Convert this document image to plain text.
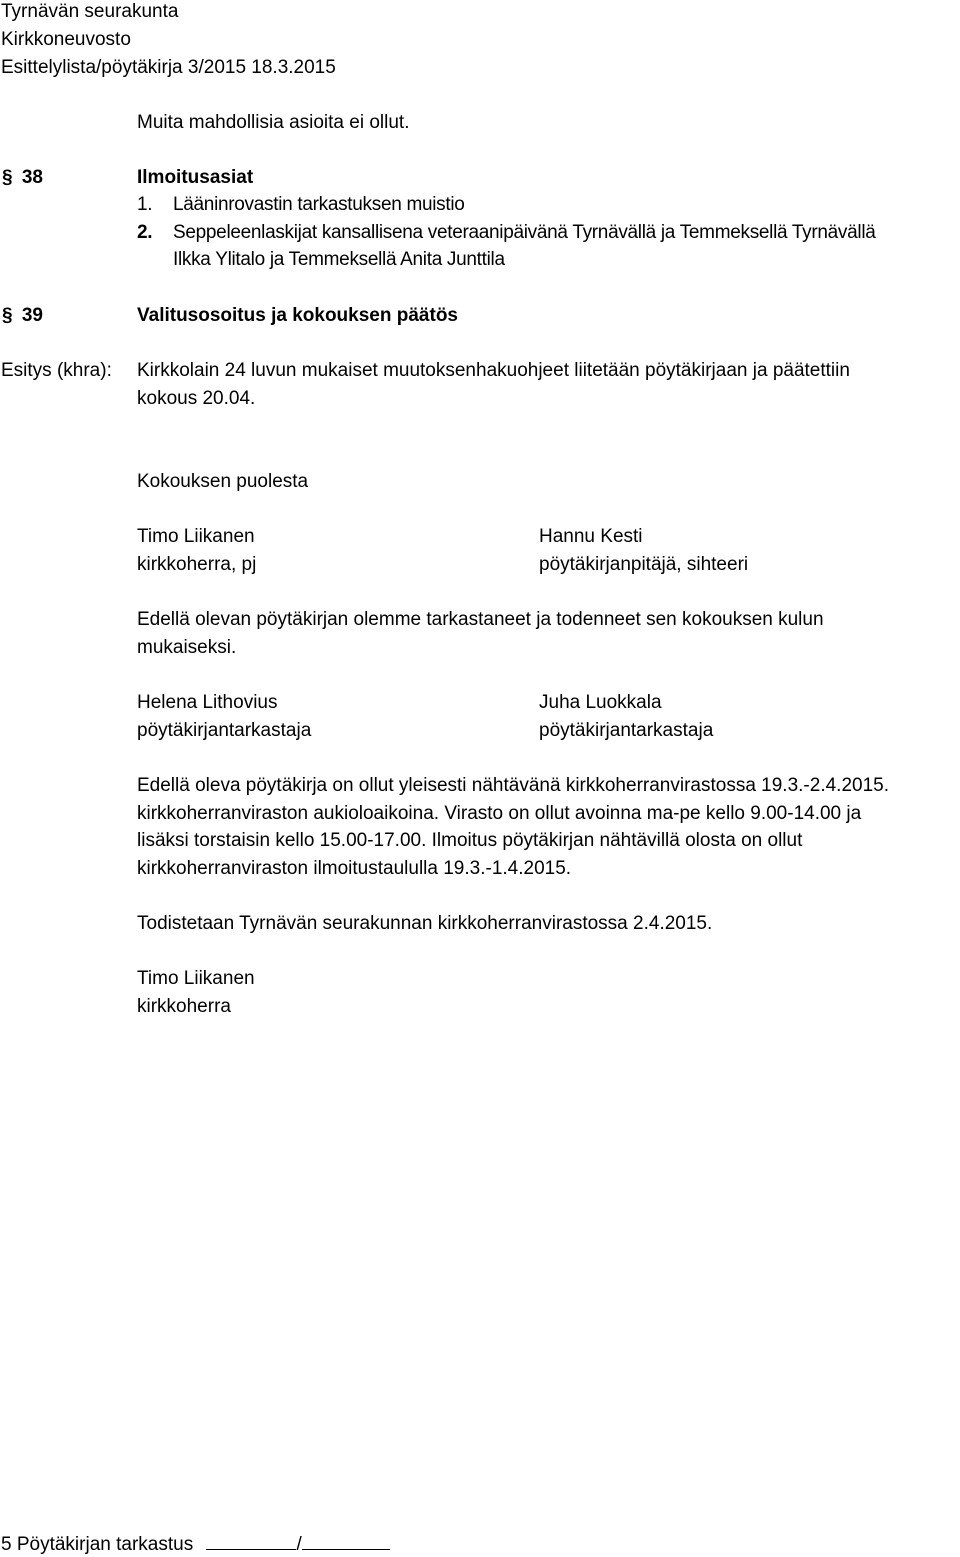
Tyrnävän seurakunta
Kirkkoneuvosto
Esittelylista/pöytäkirja 3/2015 18.3.2015
Muita mahdollisia asioita ei ollut.
§ 38	Ilmoitusasiat
1. Lääninrovastin tarkastuksen muistio
2. Seppeleenlaskijat kansallisena veteraanipäivänä Tyrnävällä ja Temmeksellä Tyrnävällä
Ilkka Ylitalo ja Temmeksellä Anita Junttila
§ 39	Valitusosoitus ja kokouksen päätös
Esitys (khra): Kirkkolain 24 luvun mukaiset muutoksenhakuohjeet liitetään pöytäkirjaan ja päätettiin
kokous 20.04.
Kokouksen puolesta
Timo Liikanen
kirkkoherra, pj
Hannu Kesti
pöytäkirjanpitäjä, sihteeri
Edellä olevan pöytäkirjan olemme tarkastaneet ja todenneet sen kokouksen kulun
mukaiseksi.
Helena Lithovius
pöytäkirjantarkastaja
Juha Luokkala
pöytäkirjantarkastaja
Edellä oleva pöytäkirja on ollut yleisesti nähtävänä kirkkoherranvirastossa 19.3.-2.4.2015.
kirkkoherranviraston aukioloaikoina. Virasto on ollut avoinna ma-pe kello 9.00-14.00 ja
lisäksi torstaisin kello 15.00-17.00. Ilmoitus pöytäkirjan nähtävillä olosta on ollut
kirkkoherranviraston ilmoitustaululla 19.3.-1.4.2015.
Todistetaan Tyrnävän seurakunnan kirkkoherranvirastossa 2.4.2015.
Timo Liikanen
kirkkoherra
5 Pöytäkirjan tarkastus	/
